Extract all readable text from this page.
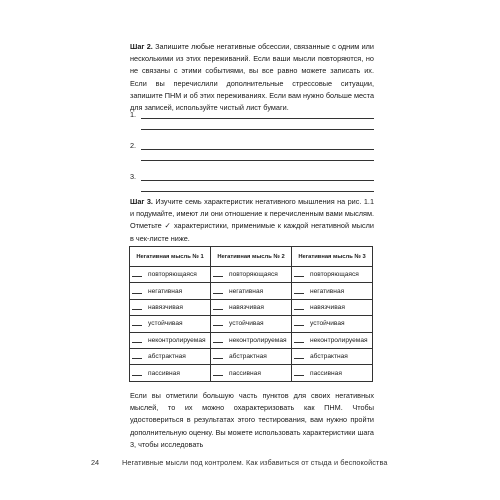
Шаг 2. Запишите любые негативные обсессии, связанные с одним или несколькими из этих переживаний. Если ваши мысли повторяются, но не связаны с этими событиями, вы все равно можете записать их. Если вы перечислили дополнительные стрессовые ситуации, запишите ПНМ и об этих переживаниях. Если вам нужно больше места для записей, используйте чистый лист бумаги.

1.
2.
3.

Шаг 3. Изучите семь характеристик негативного мышления на рис. 1.1 и подумайте, имеют ли они отношение к перечисленным вами мыслям. Отметьте ✓ характеристики, применимые к каждой негативной мысли в чек-листе ниже.

Негативная мысль № 1	Негативная мысль № 2	Негативная мысль № 3
повторяющаяся	повторяющаяся	повторяющаяся
негативная	негативная	негативная
навязчивая	навязчивая	навязчивая
устойчивая	устойчивая	устойчивая
неконтролируемая	неконтролируемая	неконтролируемая
абстрактная	абстрактная	абстрактная
пассивная	пассивная	пассивная

Если вы отметили большую часть пунктов для своих негативных мыслей, то их можно охарактеризовать как ПНМ. Чтобы удостовериться в результатах этого тестирования, вам нужно пройти дополнительную оценку. Вы можете использовать характеристики шага 3, чтобы исследовать

24	Негативные мысли под контролем. Как избавиться от стыда и беспокойства
